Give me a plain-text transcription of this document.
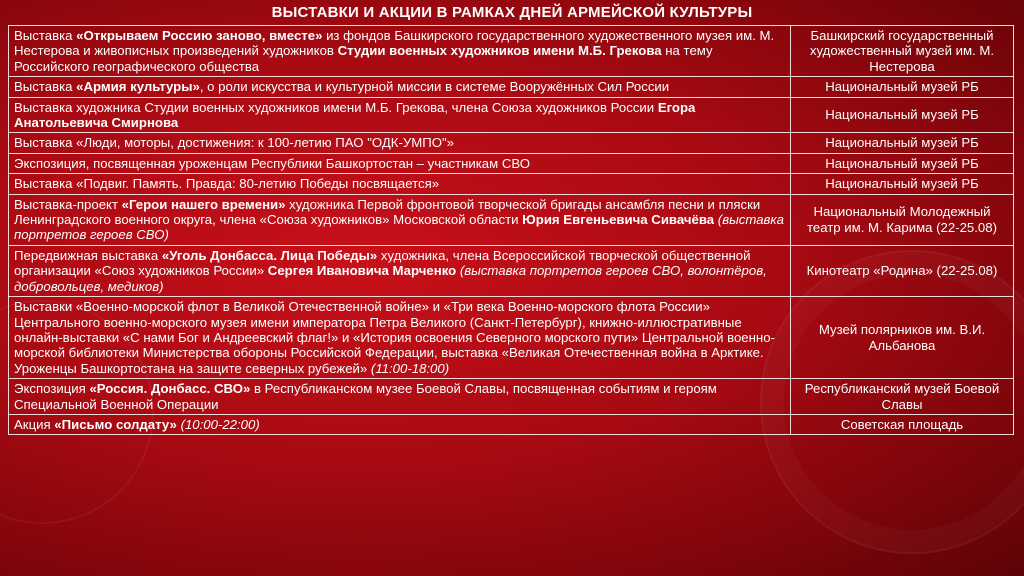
ВЫСТАВКИ И АКЦИИ В РАМКАХ ДНЕЙ АРМЕЙСКОЙ КУЛЬТУРЫ
Выставка «Открываем Россию заново, вместе» из фондов Башкирского государственного художественного музея им. М. Нестерова и живописных произведений художников Студии военных художников имени М.Б. Грекова на тему Российского географического общества	Башкирский государственный художественный музей им. М. Нестерова
Выставка «Армия культуры», о роли искусства и культурной миссии в системе Вооружённых Сил России	Национальный музей РБ
Выставка художника Студии военных художников имени М.Б. Грекова, члена Союза художников России Егора Анатольевича Смирнова	Национальный музей РБ
Выставка «Люди, моторы, достижения: к 100-летию ПАО "ОДК-УМПО"»	Национальный музей РБ
Экспозиция, посвященная уроженцам Республики Башкортостан – участникам СВО	Национальный музей РБ
Выставка «Подвиг. Память. Правда: 80-летию Победы посвящается»	Национальный музей РБ
Выставка-проект «Герои нашего времени» художника Первой фронтовой творческой бригады ансамбля песни и пляски Ленинградского военного округа, члена «Союза художников» Московской области Юрия Евгеньевича Сивачёва (выставка портретов героев СВО)	Национальный Молодежный театр им. М. Карима (22-25.08)
Передвижная выставка «Уголь Донбасса. Лица Победы» художника, члена Всероссийской творческой общественной организации «Союз художников России» Сергея Ивановича Марченко (выставка портретов героев СВО, волонтёров, добровольцев, медиков)	Кинотеатр «Родина» (22-25.08)
Выставки «Военно-морской флот в Великой Отечественной войне» и «Три века Военно-морского флота России» Центрального военно-морского музея имени императора Петра Великого (Санкт-Петербург), книжно-иллюстративные онлайн-выставки «С нами Бог и Андреевский флаг!» и «История освоения Северного морского пути» Центральной военно-морской библиотеки Министерства обороны Российской Федерации, выставка «Великая Отечественная война в Арктике. Уроженцы Башкортостана на защите северных рубежей» (11:00-18:00)	Музей полярников им. В.И. Альбанова
Экспозиция «Россия. Донбасс. СВО» в Республиканском музее Боевой Славы, посвященная событиям и героям Специальной Военной Операции	Республиканский музей Боевой Славы
Акция «Письмо солдату» (10:00-22:00)	Советская площадь
